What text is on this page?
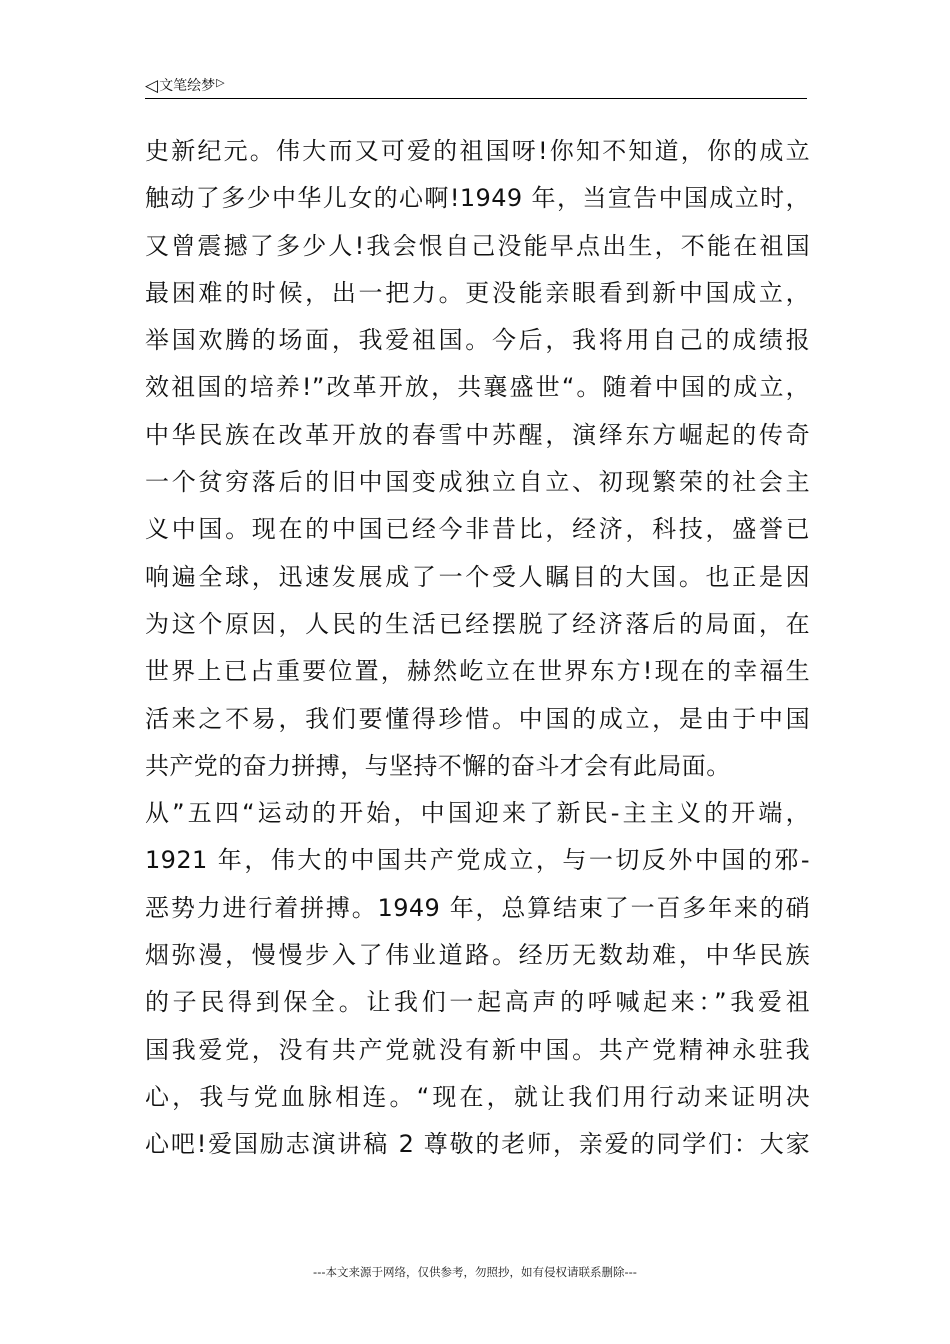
◁ 文笔绘梦 ▷
史新纪元。伟大而又可爱的祖国呀!你知不知道，你的成立
触动了多少中华儿女的心啊!1949 年，当宣告中国成立时，
又曾震撼了多少人!我会恨自己没能早点出生，不能在祖国
最困难的时候，出一把力。更没能亲眼看到新中国成立，
举国欢腾的场面，我爱祖国。今后，我将用自己的成绩报
效祖国的培养!”改革开放，共襄盛世“。随着中国的成立，
中华民族在改革开放的春雪中苏醒，演绎东方崛起的传奇
一个贫穷落后的旧中国变成独立自立、初现繁荣的社会主
义中国。现在的中国已经今非昔比，经济，科技，盛誉已
响遍全球，迅速发展成了一个受人瞩目的大国。也正是因
为这个原因，人民的生活已经摆脱了经济落后的局面，在
世界上已占重要位置，赫然屹立在世界东方!现在的幸福生
活来之不易，我们要懂得珍惜。中国的成立，是由于中国
共产党的奋力拼搏，与坚持不懈的奋斗才会有此局面。
从”五四“运动的开始，中国迎来了新民-主主义的开端，
1921 年，伟大的中国共产党成立，与一切反外中国的邪-
恶势力进行着拼搏。1949 年，总算结束了一百多年来的硝
烟弥漫，慢慢步入了伟业道路。经历无数劫难，中华民族
的子民得到保全。让我们一起高声的呼喊起来：”我爱祖
国我爱党，没有共产党就没有新中国。共产党精神永驻我
心，我与党血脉相连。“现在，就让我们用行动来证明决
心吧!爱国励志演讲稿 2 尊敬的老师，亲爱的同学们：大家
---本文来源于网络，仅供参考，勿照抄，如有侵权请联系删除---
